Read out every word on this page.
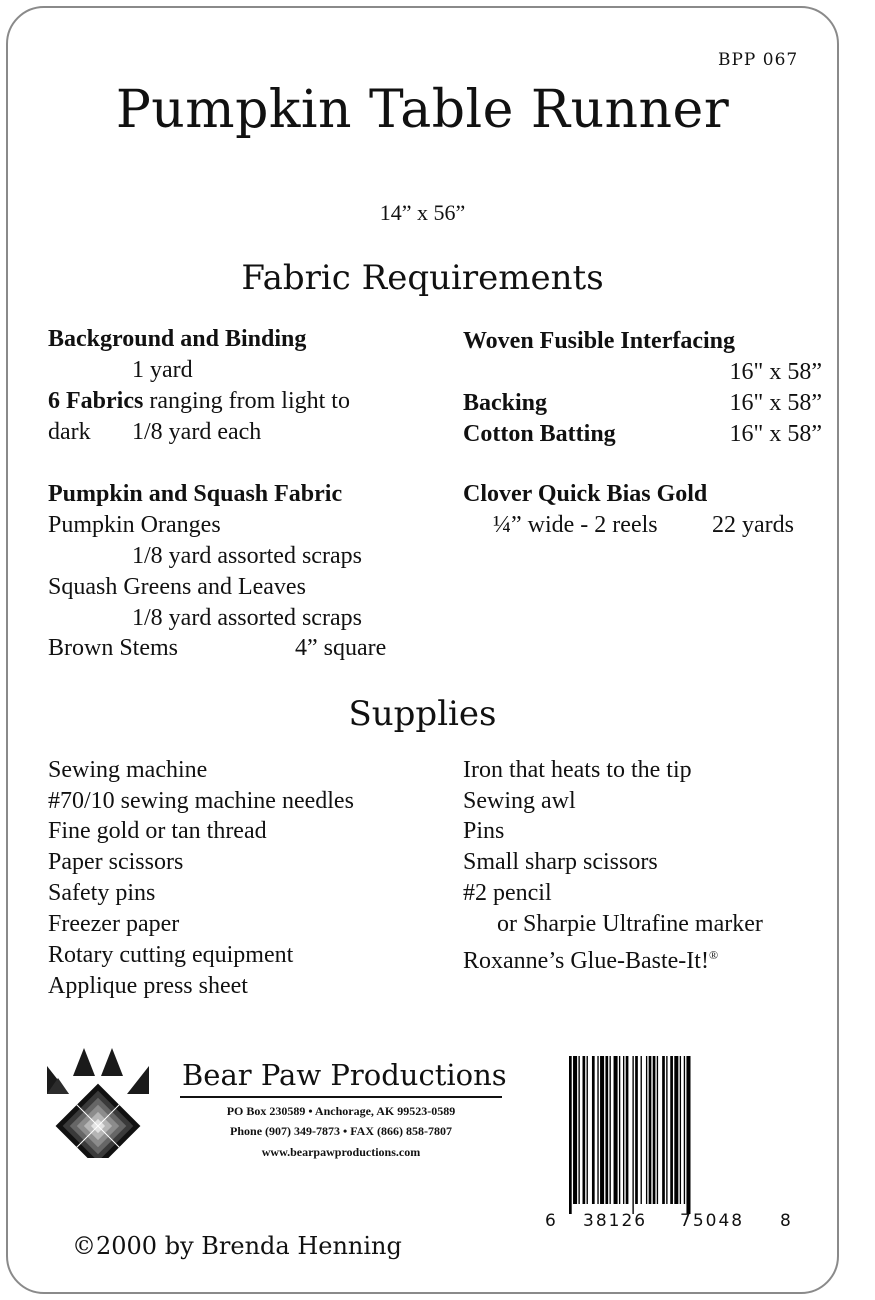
BPP 067
Pumpkin Table Runner
14” x 56”
Fabric Requirements
Background and Binding
1 yard
6 Fabrics ranging from light to
dark 1/8 yard each
Pumpkin and Squash Fabric
Pumpkin Oranges
1/8 yard assorted scraps
Squash Greens and Leaves
1/8 yard assorted scraps
Brown Stems	4” square
Woven Fusible Interfacing
16" x 58”
Backing	16" x 58”
Cotton Batting	16" x 58”
Clover Quick Bias Gold
¼” wide - 2 reels 22 yards
Supplies
Sewing machine
#70/10 sewing machine needles
Fine gold or tan thread
Paper scissors
Safety pins
Freezer paper
Rotary cutting equipment
Applique press sheet
Iron that heats to the tip
Sewing awl
Pins
Small sharp scissors
#2 pencil
or Sharpie Ultrafine marker
Roxanne’s Glue-Baste-It!®
Bear Paw Productions
PO Box 230589 • Anchorage, AK 99523-0589
Phone (907) 349-7873 • FAX (866) 858-7807
www.bearpawproductions.com
6 38126 75048 8
©2000 by Brenda Henning
